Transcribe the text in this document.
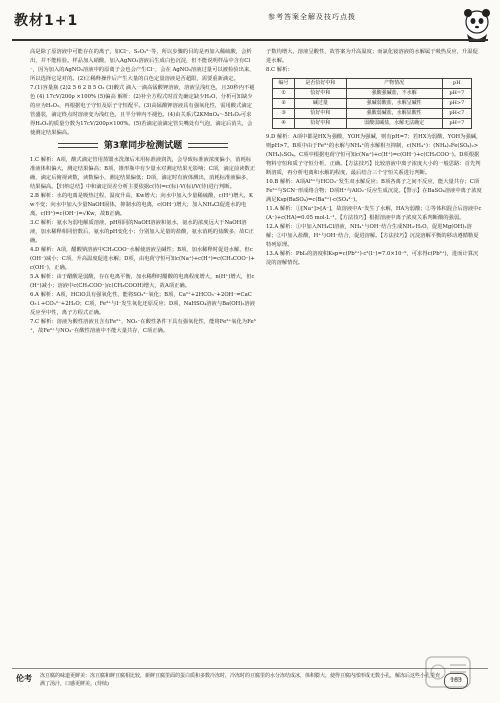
教材1+1	参考答案全解及技巧点拨

高是除了原溶液中可能存在的离子，如Cl⁻、S₂O₃²⁻等，所以步骤的目的是再加入稀硫酸，会析出，并不能检验。样品加入硝酸，加入AgNO₃溶液后生成白色沉淀，但不能说明样品中含有Cl⁻，因为加入的AgNO₃溶液中的原离子会也会产生Cl⁻，会在 AgNO₃溶液过量可以被检验出来，所以选择它是对的。(2)②稀释操作后产生大量的白色定量溶液是否超限，需要重新滴定。

7.(1)容量瓶 (2)2 5 6 2 8 5 O₂ (3)酸式 滴入一滴高锰酸钾溶液，溶液呈浅红色，且30秒内不褪色 (4) 17cV/200ρ ×100% (5)偏高 解析：(2)补全方程式时首先确定缺少H₂O，分析可知缺少的应为H₂O₂，再根据电子守恒及原子守恒配平。(3)高锰酸钾溶液具有强氧化性，需用酸式滴定管盛装，滴定终点时溶液变为浅红色，且半分钟内不褪色。(4)由关系式2KMnO₄～5H₂O₂可求得H₂O₂的质量分数为17cV/200ρ×100%。(5)若滴定前滴定管尖嘴处有气泡，滴定后消失，会使测定结果偏高。

第3章同步检测试题

1.C 解析：A项，酸式滴定管用蒸馏水洗涤后未用标准液润洗，会导致标准液浓度偏小，消耗标准液体积偏大，测定结果偏高；B项，锥形瓶中有少量水对测定结果无影响；C项，滴定前读数正确，滴定后俯视读数，读数偏小，测定结果偏低；D项，滴定时有液体溅出，消耗标准液偏多，结果偏高。【归纳总结】中和滴定误差分析主要依据c(待)=c(标)·V(标)/V(待)进行判断。

2.B 解析：水的电离是吸热过程，温度升高，Kw增大；向水中加入少量稀硫酸，c(H⁺)增大，Kw不变；向水中加入少量NaOH固体，抑制水的电离，c(OH⁻)增大；加入NH₄Cl促进水的电离。c(H⁺)=c(OH⁻)=√Kw，故B正确。

3.C 解析：氨水为弱电解质溶液，pH相同的NaOH溶液和氨水，氨水的浓度远大于NaOH溶液，加水稀释相同倍数后，氨水的pH变化小；分别加入足量的盐酸，氨水消耗的盐酸多，故C正确。

4.D 解析：A项，醋酸钠溶液中CH₃COO⁻水解使溶液呈碱性；B项，加水稀释时促进水解，但c(OH⁻)减小；C项，升高温度促进水解；D项，由电荷守恒可知c(Na⁺)+c(H⁺)=c(CH₃COO⁻)+c(OH⁻)，正确。

5.A 解析：由于醋酸是弱酸，存在电离平衡，加水稀释时醋酸的电离程度增大，n(H⁺)增大，但c(H⁺)减小；溶液中c(CH₃COO⁻)/c(CH₃COOH)增大，故A项正确。

6.A 解析：A项，HClO具有强氧化性，能将SO₃²⁻氧化；B项，Ca²⁺+2HCO₃⁻+2OH⁻=CaCO₃↓+CO₃²⁻+2H₂O；C项，Fe³⁺与I⁻发生氧化还原反应；D项，NaHSO₄溶液与Ba(OH)₂溶液反应至中性，离子方程式正确。

7.C 解析：溶液为酸性溶液且含有Fe²⁺，NO₃⁻在酸性条件下具有强氧化性，能将Fe²⁺氧化为Fe³⁺，故Fe²⁺与NO₃⁻在酸性溶液中不能大量共存，C项正确。

子数均增大，溶液呈酸性，故答案为升高温度；而氯化铵溶液的水解属于吸热反应，升温促进水解。

8.C 解析：

编号	是否恰好中和	产物情况	pH
①	恰好中和	强酸强碱盐，不水解	pH=7
②	碱过量	强碱弱酸盐，水解呈碱性	pH>7
③	恰好中和	强酸弱碱盐，水解显酸性	pH<7
④	恰好中和	弱酸弱碱盐，水解无法确定	pH=7

9.D 解析：A项中都是HX为强酸，YOH为强碱，则有pH=7；若HX为弱酸，YOH为强碱，则pH>7。B项中由于Fe³⁺的水解与NH₄⁺的水解相互抑制，c(NH₄⁺)：(NH₄)₂Fe(SO₄)₂>(NH₄)₂SO₄。C项中根据电荷守恒可知c(Na⁺)+c(H⁺)=c(OH⁻)+c(CH₃COO⁻)。D项根据物料守恒和质子守恒分析，正确。【方法技巧】比较溶液中离子浓度大小的一般思路：首先判断溶质，再分析电离和水解的程度，最后结合三个守恒关系进行判断。

10.B 解析：A项Al³⁺与HCO₃⁻发生双水解反应；B项各离子之间不反应，能大量共存；C项Fe³⁺与SCN⁻形成络合物；D项H⁺与AlO₂⁻反应生成沉淀。【警示】在BaSO₄溶液中离子浓度满足Ksp(BaSO₄)=c(Ba²⁺)·c(SO₄²⁻)。

11.A 解析：①[Na⁺]>[A⁻]，故溶液中A⁻发生了水解，HA为弱酸；②等体积混合后溶液中c(A⁻)+c(HA)=0.05 mol·L⁻¹。【方法技巧】根据溶液中离子浓度关系判断酸的强弱。

12.A 解析：①中加入NH₄Cl溶液，NH₄⁺与OH⁻结合生成NH₃·H₂O，促进Mg(OH)₂溶解；②中加入盐酸，H⁺与OH⁻结合，促进溶解。【方法技巧】沉淀溶解平衡的移动遵循勒夏特列原理。

13.A 解析：PbI₂的溶度积Ksp=c(Pb²⁺)·c²(I⁻)=7.0×10⁻⁹，可求得c(Pb²⁺)，进而计算沉淀的溶解情况。

伦考 冻豆腐的味道更鲜美：冻豆腐和鲜豆腐相比较，新鲜豆腐里面的蛋白质和多数冷冻时，冷冻时的豆腐里的水分冻结成冰，体积膨大，使得豆腐内部形成无数小孔，解冻后这些小孔里充满了汤汁，口感更鲜美。(待续)	183
